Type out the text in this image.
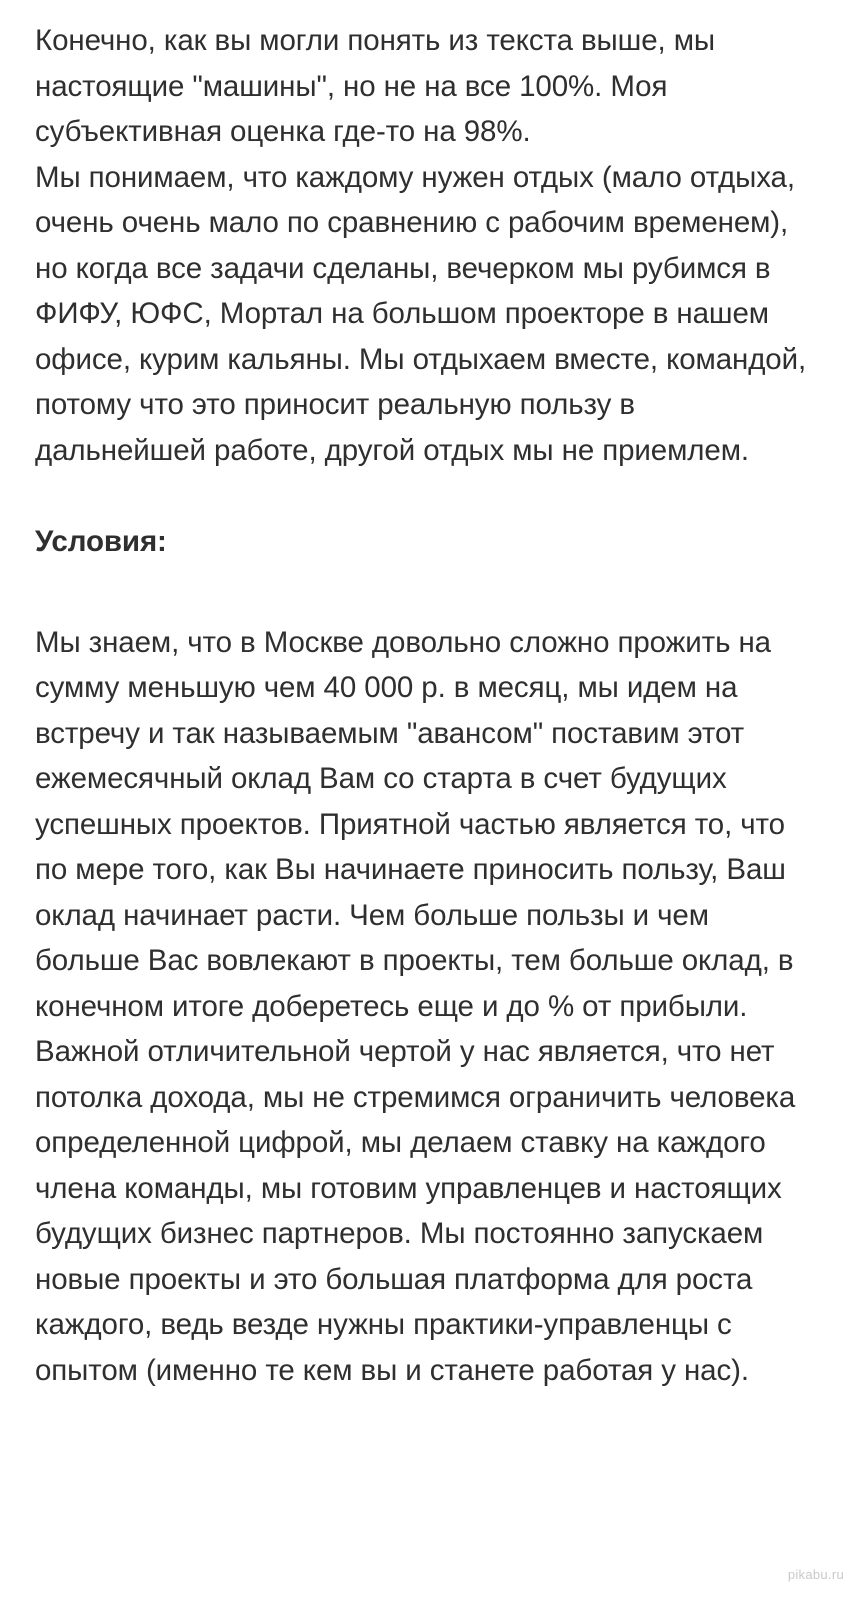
Конечно, как вы могли понять из текста выше, мы настоящие "машины", но не на все 100%. Моя субъективная оценка где-то на 98%.

Мы понимаем, что каждому нужен отдых (мало отдыха, очень очень мало по сравнению с рабочим временем), но когда все задачи сделаны, вечерком мы рубимся в ФИФУ, ЮФС, Мортал на большом проекторе в нашем офисе, курим кальяны. Мы отдыхаем вместе, командой, потому что это приносит реальную пользу в дальнейшей работе, другой отдых мы не приемлем.

Условия:

Мы знаем, что в Москве довольно сложно прожить на сумму меньшую чем 40 000 р. в месяц, мы идем на встречу и так называемым "авансом" поставим этот ежемесячный оклад Вам со старта в счет будущих успешных проектов. Приятной частью является то, что по мере того, как Вы начинаете приносить пользу, Ваш оклад начинает расти. Чем больше пользы и чем больше Вас вовлекают в проекты, тем больше оклад, в конечном итоге доберетесь еще и до % от прибыли. Важной отличительной чертой у нас является, что нет потолка дохода, мы не стремимся ограничить человека определенной цифрой, мы делаем ставку на каждого члена команды, мы готовим управленцев и настоящих будущих бизнес партнеров. Мы постоянно запускаем новые проекты и это большая платформа для роста каждого, ведь везде нужны практики-управленцы с опытом (именно те кем вы и станете работая у нас).

pikabu.ru
